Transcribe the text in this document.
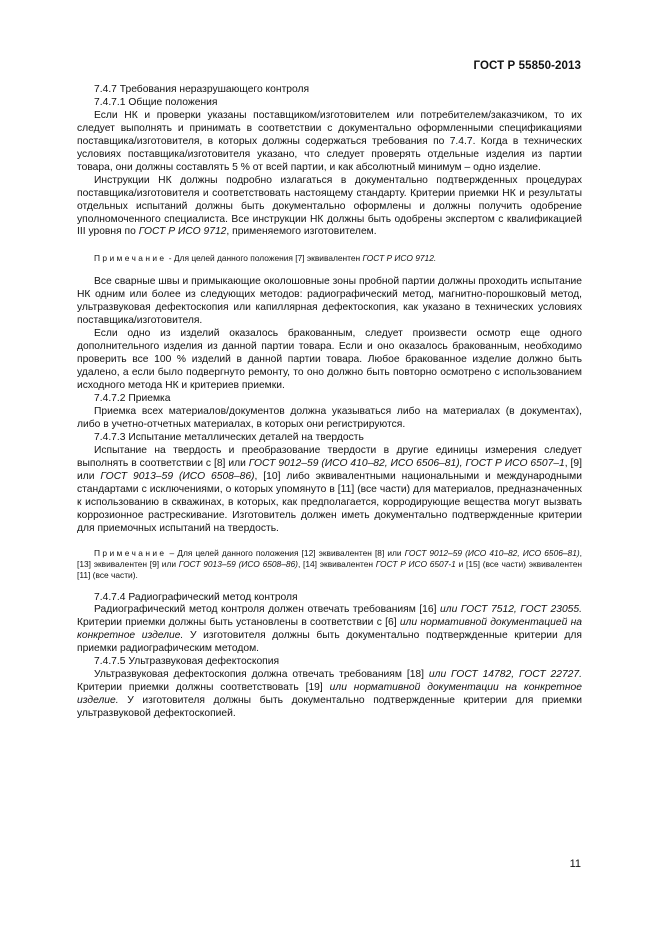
ГОСТ Р 55850-2013

7.4.7 Требования неразрушающего контроля

7.4.7.1 Общие положения

Если НК и проверки указаны поставщиком/изготовителем или потребителем/заказчиком, то их следует выполнять и принимать в соответствии с документально оформленными спецификациями поставщика/изготовителя, в которых должны содержаться требования по 7.4.7. Когда в технических условиях поставщика/изготовителя указано, что следует проверять отдельные изделия из партии товара, они должны составлять 5 % от всей партии, и как абсолютный минимум – одно изделие.

Инструкции НК должны подробно излагаться в документально подтвержденных процедурах поставщика/изготовителя и соответствовать настоящему стандарту. Критерии приемки НК и результаты отдельных испытаний должны быть документально оформлены и должны получить одобрение уполномоченного специалиста. Все инструкции НК должны быть одобрены экспертом с квалификацией III уровня по ГОСТ Р ИСО 9712, применяемого изготовителем.

Примечание - Для целей данного положения [7] эквивалентен ГОСТ Р ИСО 9712.

Все сварные швы и примыкающие околошовные зоны пробной партии должны проходить испытание НК одним или более из следующих методов: радиографический метод, магнитно-порошковый метод, ультразвуковая дефектоскопия или капиллярная дефектоскопия, как указано в технических условиях поставщика/изготовителя.

Если одно из изделий оказалось бракованным, следует произвести осмотр еще одного дополнительного изделия из данной партии товара. Если и оно оказалось бракованным, необходимо проверить все 100 % изделий в данной партии товара. Любое бракованное изделие должно быть удалено, а если было подвергнуто ремонту, то оно должно быть повторно осмотрено с использованием исходного метода НК и критериев приемки.

7.4.7.2 Приемка

Приемка всех материалов/документов должна указываться либо на материалах (в документах), либо в учетно-отчетных материалах, в которых они регистрируются.

7.4.7.3 Испытание металлических деталей на твердость

Испытание на твердость и преобразование твердости в другие единицы измерения следует выполнять в соответствии с [8] или ГОСТ 9012–59 (ИСО 410–82, ИСО 6506–81), ГОСТ Р ИСО 6507–1, [9] или ГОСТ 9013–59 (ИСО 6508–86), [10] либо эквивалентными национальными и международными стандартами с исключениями, о которых упомянуто в [11] (все части) для материалов, предназначенных к использованию в скважинах, в которых, как предполагается, корродирующие вещества могут вызвать коррозионное растрескивание. Изготовитель должен иметь документально подтвержденные критерии для приемочных испытаний на твердость.

Примечание – Для целей данного положения [12] эквивалентен [8] или ГОСТ 9012–59 (ИСО 410–82, ИСО 6506–81), [13] эквивалентен [9] или ГОСТ 9013–59 (ИСО 6508–86), [14] эквивалентен ГОСТ Р ИСО 6507-1 и [15] (все части) эквивалентен [11] (все части).

7.4.7.4 Радиографический метод контроля

Радиографический метод контроля должен отвечать требованиям [16] или ГОСТ 7512, ГОСТ 23055. Критерии приемки должны быть установлены в соответствии с [6] или нормативной документацией на конкретное изделие. У изготовителя должны быть документально подтвержденные критерии для приемки радиографическим методом.

7.4.7.5 Ультразвуковая дефектоскопия

Ультразвуковая дефектоскопия должна отвечать требованиям [18] или ГОСТ 14782, ГОСТ 22727. Критерии приемки должны соответствовать [19] или нормативной документации на конкретное изделие. У изготовителя должны быть документально подтвержденные критерии для приемки ультразвуковой дефектоскопией.

11
